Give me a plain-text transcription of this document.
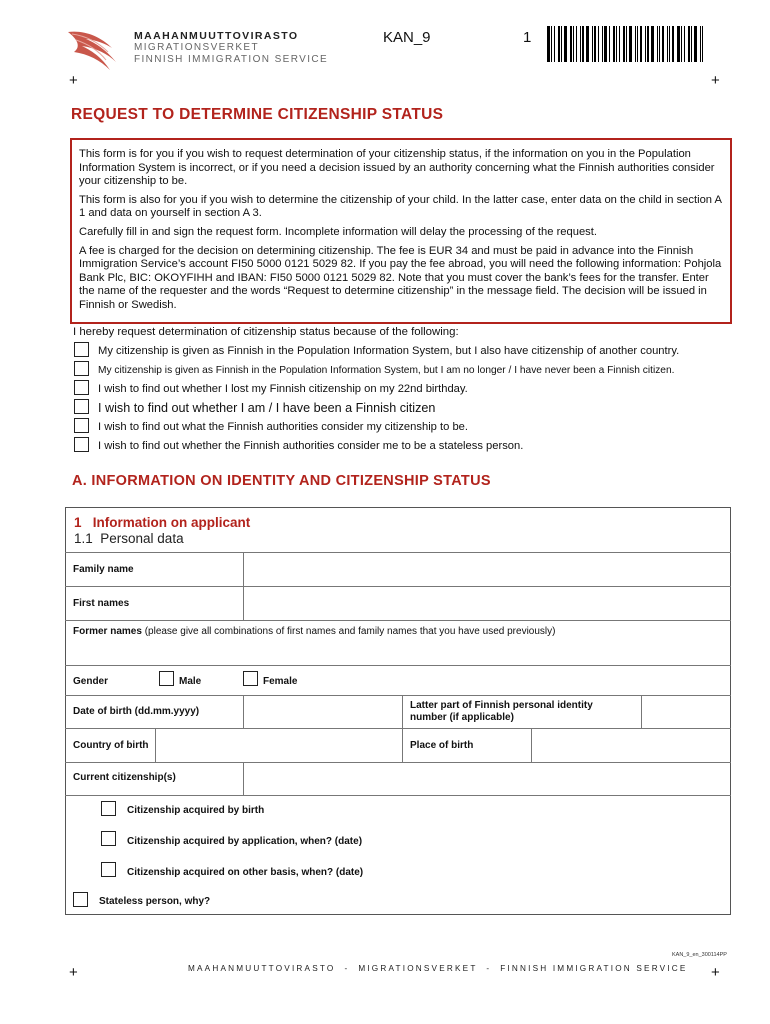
MAAHANMUUTTOVIRASTO
MIGRATIONSVERKET
FINNISH IMMIGRATION SERVICE
KAN_9	1
+	+
REQUEST TO DETERMINE CITIZENSHIP STATUS

This form is for you if you wish to request determination of your citizenship status, if the information on you in the Population Information System is incorrect, or if you need a decision issued by an authority concerning what the Finnish authorities consider your citizenship to be.

This form is also for you if you wish to determine the citizenship of your child. In the latter case, enter data on the child in section A 1 and data on yourself in section A 3.

Carefully fill in and sign the request form. Incomplete information will delay the processing of the request.

A fee is charged for the decision on determining citizenship. The fee is EUR 34 and must be paid in advance into the Finnish Immigration Service’s account FI50 5000 0121 5029 82. If you pay the fee abroad, you will need the following information: Pohjola Bank Plc, BIC: OKOYFIHH and IBAN: FI50 5000 0121 5029 82. Note that you must cover the bank’s fees for the transfer. Enter the name of the requester and the words “Request to determine citizenship” in the message field. The decision will be issued in Finnish or Swedish.

I hereby request determination of citizenship status because of the following:
My citizenship is given as Finnish in the Population Information System, but I also have citizenship of another country.
My citizenship is given as Finnish in the Population Information System, but I am no longer / I have never been a Finnish citizen.
I wish to find out whether I lost my Finnish citizenship on my 22nd birthday.
I wish to find out whether I am / I have been a Finnish citizen
I wish to find out what the Finnish authorities consider my citizenship to be.
I wish to find out whether the Finnish authorities consider me to be a stateless person.
A. INFORMATION ON IDENTITY AND CITIZENSHIP STATUS
1   Information on applicant
1.1  Personal data
Family name
First names
Former names (please give all combinations of first names and family names that you have used previously)
Gender	Male	Female
Date of birth (dd.mm.yyyy)
Latter part of Finnish personal identity
number (if applicable)
Country of birth	Place of birth
Current citizenship(s)
Citizenship acquired by birth
Citizenship acquired by application, when? (date)
Citizenship acquired on other basis, when? (date)
Stateless person, why?
KAN_9_en_300114PP
+	MAAHANMUUTTOVIRASTO  -  MIGRATIONSVERKET  -  FINNISH IMMIGRATION SERVICE +
